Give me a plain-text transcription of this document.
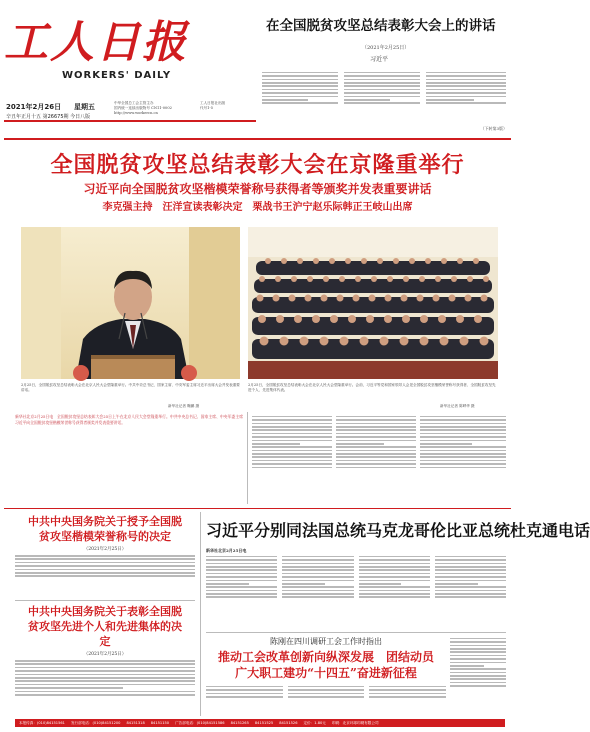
工人日报
WORKERS' DAILY
2021年2月26日 星期五
辛丑年正月十五 第26675期 今日八版
中华全国总工会主管主办
国内统一连续出版物号 CN11-0002
http://www.workercn.cn
工人日报社出版
代号1-5
在全国脱贫攻坚总结表彰大会上的讲话
（2021年2月25日）
习近平
（下转第3版）
全国脱贫攻坚总结表彰大会在京隆重举行
习近平向全国脱贫攻坚楷模荣誉称号获得者等颁奖并发表重要讲话
李克强主持　汪洋宣读表彰决定　栗战书王沪宁赵乐际韩正王岐山出席
2月25日，全国脱贫攻坚总结表彰大会在北京人民大会堂隆重举行。中共中央总书记、国家主席、中央军委主席习近平出席大会并发表重要讲话。
新华社记者 鞠鹏 摄
2月25日，全国脱贫攻坚总结表彰大会在北京人民大会堂隆重举行。会前，习近平等党和国家领导人会见全国脱贫攻坚楷模荣誉称号获得者、全国脱贫攻坚先进个人、先进集体代表。
新华社记者 陈晔华 摄
新华社北京2月25日电　全国脱贫攻坚总结表彰大会25日上午在北京人民大会堂隆重举行。中共中央总书记、国家主席、中央军委主席习近平向全国脱贫攻坚楷模荣誉称号获得者颁奖并发表重要讲话。
中共中央国务院关于授予全国脱贫攻坚楷模荣誉称号的决定
（2021年2月25日）
中共中央国务院关于表彰全国脱贫攻坚先进个人和先进集体的决定
（2021年2月25日）
习近平分别同法国总统马克龙哥伦比亚总统杜克通电话
新华社北京2月25日电
陈刚在四川调研工会工作时指出
推动工会改革创新向纵深发展　团结动员
广大职工建功“十四五”奋进新征程
本报传真：(010)84151561 发行部电话：(010)84151200 84151318 84151150 广告部电话：(010)84151586 84151265 84151525 84151526 定价：1.80元 印刷：北京环球印刷有限公司
